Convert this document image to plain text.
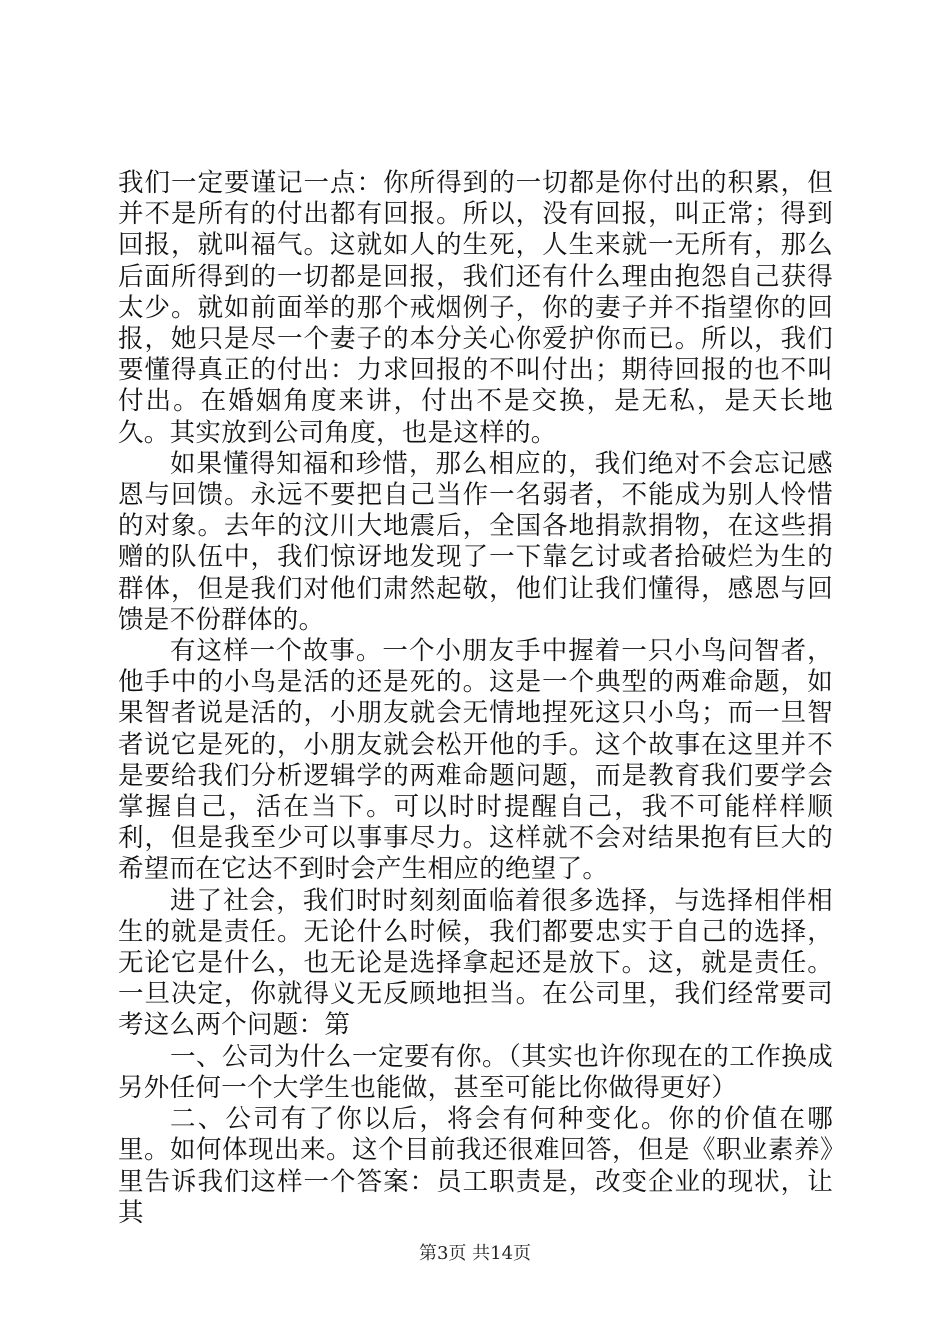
我们一定要谨记一点：你所得到的一切都是你付出的积累，但并不是所有的付出都有回报。所以，没有回报，叫正常；得到回报，就叫福气。这就如人的生死，人生来就一无所有，那么后面所得到的一切都是回报，我们还有什么理由抱怨自己获得太少。就如前面举的那个戒烟例子，你的妻子并不指望你的回报，她只是尽一个妻子的本分关心你爱护你而已。所以，我们要懂得真正的付出：力求回报的不叫付出；期待回报的也不叫付出。在婚姻角度来讲，付出不是交换，是无私，是天长地久。其实放到公司角度，也是这样的。

如果懂得知福和珍惜，那么相应的，我们绝对不会忘记感恩与回馈。永远不要把自己当作一名弱者，不能成为别人怜惜的对象。去年的汶川大地震后，全国各地捐款捐物，在这些捐赠的队伍中，我们惊讶地发现了一下靠乞讨或者拾破烂为生的群体，但是我们对他们肃然起敬，他们让我们懂得，感恩与回馈是不份群体的。

有这样一个故事。一个小朋友手中握着一只小鸟问智者，他手中的小鸟是活的还是死的。这是一个典型的两难命题，如果智者说是活的，小朋友就会无情地捏死这只小鸟；而一旦智者说它是死的，小朋友就会松开他的手。这个故事在这里并不是要给我们分析逻辑学的两难命题问题，而是教育我们要学会掌握自己，活在当下。可以时时提醒自己，我不可能样样顺利，但是我至少可以事事尽力。这样就不会对结果抱有巨大的希望而在它达不到时会产生相应的绝望了。

进了社会，我们时时刻刻面临着很多选择，与选择相伴相生的就是责任。无论什么时候，我们都要忠实于自己的选择，无论它是什么，也无论是选择拿起还是放下。这，就是责任。一旦决定，你就得义无反顾地担当。在公司里，我们经常要司考这么两个问题：第

一、公司为什么一定要有你。（其实也许你现在的工作换成另外任何一个大学生也能做，甚至可能比你做得更好）

二、公司有了你以后，将会有何种变化。你的价值在哪里。如何体现出来。这个目前我还很难回答，但是《职业素养》里告诉我们这样一个答案：员工职责是，改变企业的现状，让其

第3页 共14页
